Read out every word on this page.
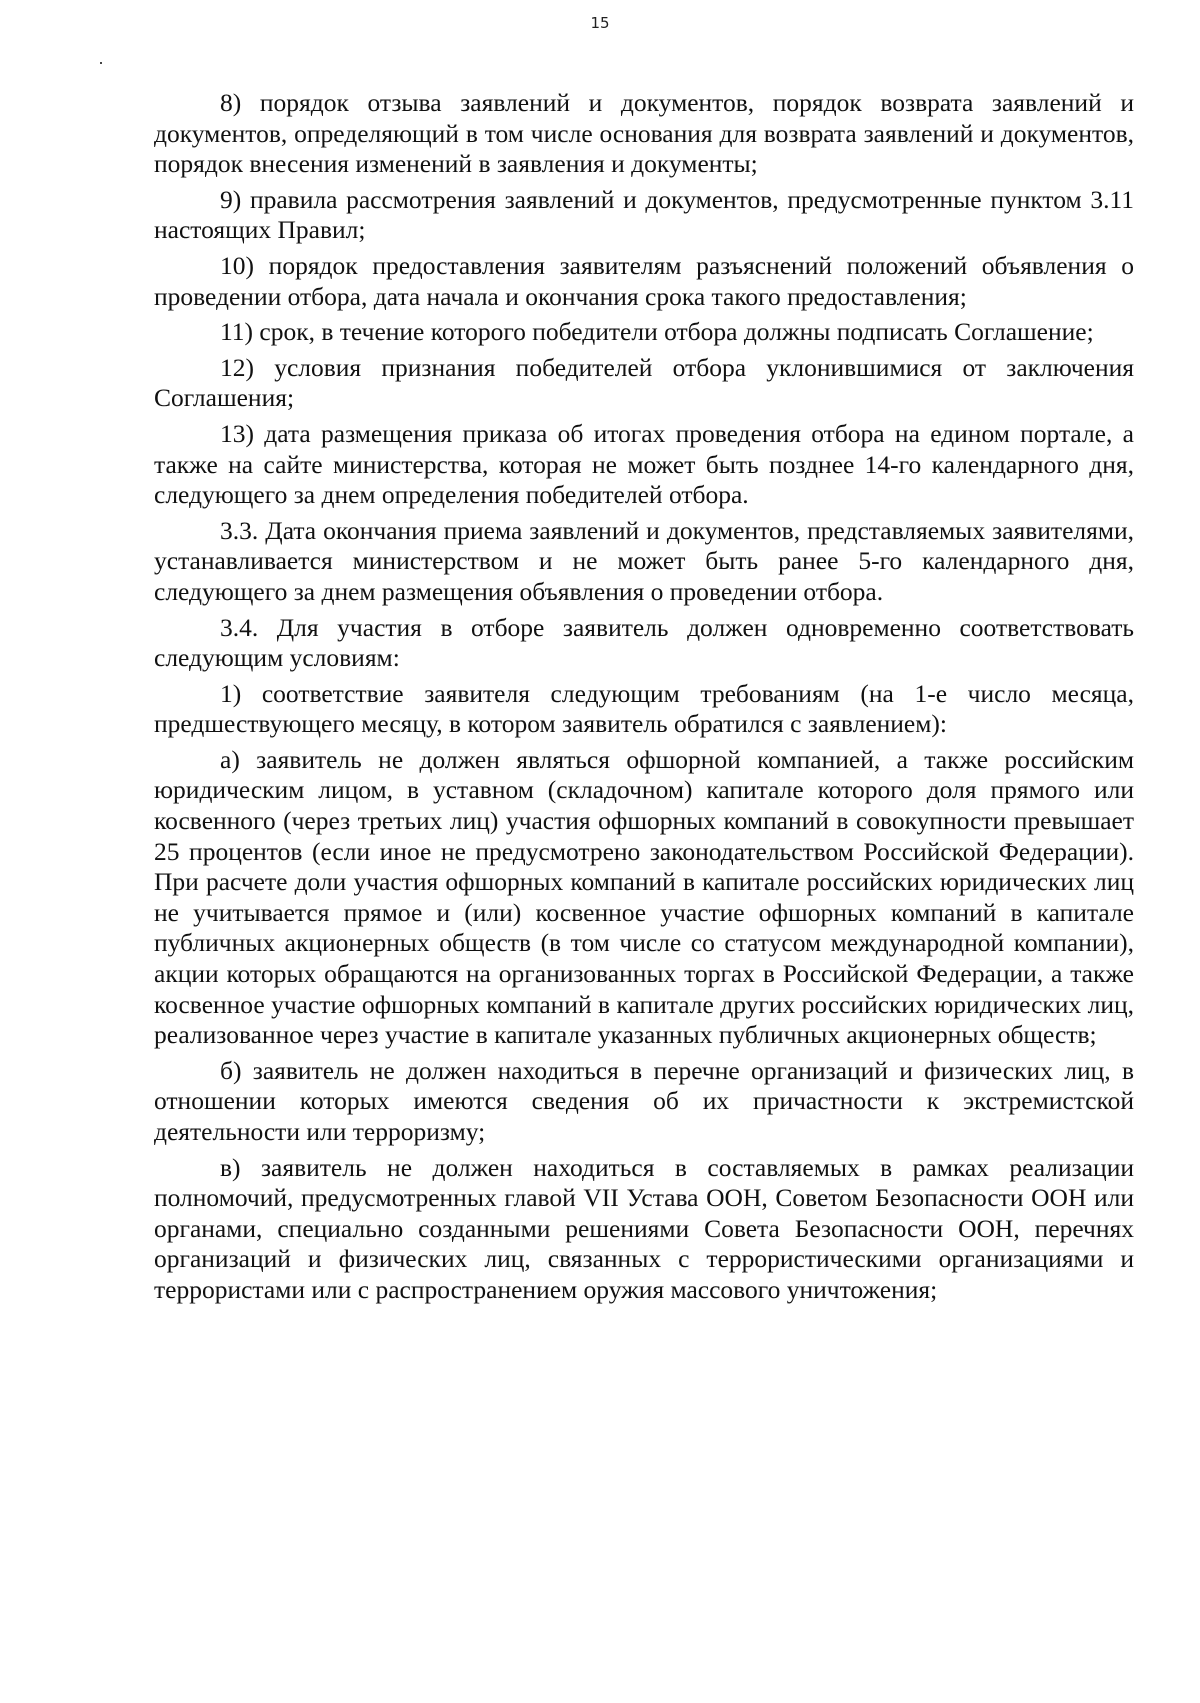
15

8) порядок отзыва заявлений и документов, порядок возврата заявлений и документов, определяющий в том числе основания для возврата заявлений и документов, порядок внесения изменений в заявления и документы;

9) правила рассмотрения заявлений и документов, предусмотренные пунктом 3.11 настоящих Правил;

10) порядок предоставления заявителям разъяснений положений объявления о проведении отбора, дата начала и окончания срока такого предоставления;

11) срок, в течение которого победители отбора должны подписать Соглашение;

12) условия признания победителей отбора уклонившимися от заключения Соглашения;

13) дата размещения приказа об итогах проведения отбора на едином портале, а также на сайте министерства, которая не может быть позднее 14-го календарного дня, следующего за днем определения победителей отбора.

3.3. Дата окончания приема заявлений и документов, представляемых заявителями, устанавливается министерством и не может быть ранее 5-го календарного дня, следующего за днем размещения объявления о проведении отбора.

3.4. Для участия в отборе заявитель должен одновременно соответствовать следующим условиям:

1) соответствие заявителя следующим требованиям (на 1-е число месяца, предшествующего месяцу, в котором заявитель обратился с заявлением):

а) заявитель не должен являться офшорной компанией, а также российским юридическим лицом, в уставном (складочном) капитале которого доля прямого или косвенного (через третьих лиц) участия офшорных компаний в совокупности превышает 25 процентов (если иное не предусмотрено законодательством Российской Федерации). При расчете доли участия офшорных компаний в капитале российских юридических лиц не учитывается прямое и (или) косвенное участие офшорных компаний в капитале публичных акционерных обществ (в том числе со статусом международной компании), акции которых обращаются на организованных торгах в Российской Федерации, а также косвенное участие офшорных компаний в капитале других российских юридических лиц, реализованное через участие в капитале указанных публичных акционерных обществ;

б) заявитель не должен находиться в перечне организаций и физических лиц, в отношении которых имеются сведения об их причастности к экстремистской деятельности или терроризму;

в) заявитель не должен находиться в составляемых в рамках реализации полномочий, предусмотренных главой VII Устава ООН, Советом Безопасности ООН или органами, специально созданными решениями Совета Безопасности ООН, перечнях организаций и физических лиц, связанных с террористическими организациями и террористами или с распространением оружия массового уничтожения;
